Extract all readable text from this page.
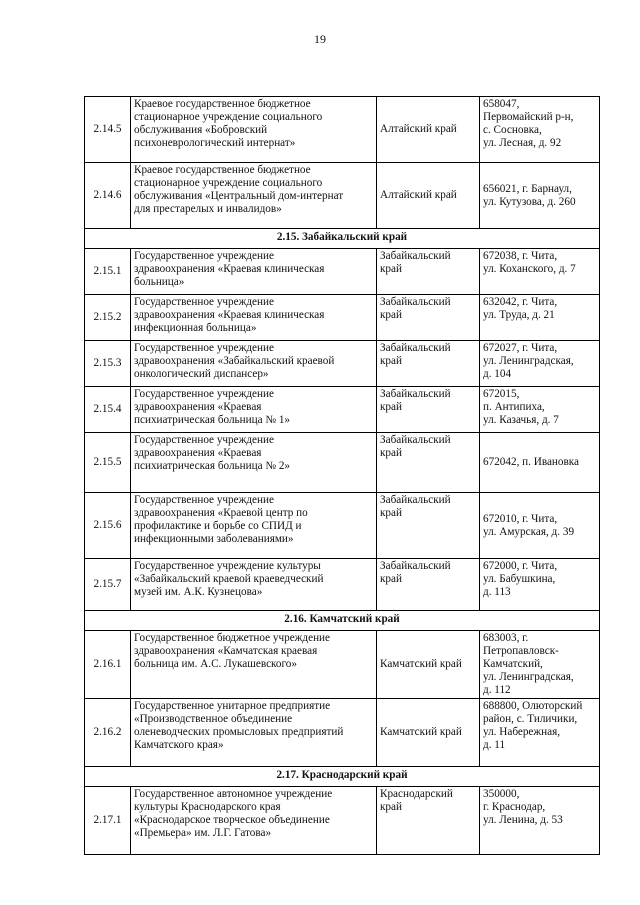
19
2.14.5	Краевое государственное бюджетное
стационарное учреждение социального
обслуживания «Бобровский
психоневрологический интернат»	Алтайский край	658047,
Первомайский р-н,
с. Сосновка,
ул. Лесная, д. 92
2.14.6	Краевое государственное бюджетное
стационарное учреждение социального
обслуживания «Центральный дом-интернат
для престарелых и инвалидов»	Алтайский край	656021, г. Барнаул,
ул. Кутузова, д. 260
2.15. Забайкальский край			
2.15.1	Государственное учреждение
здравоохранения «Краевая клиническая
больница»	Забайкальский
край	672038, г. Чита,
ул. Коханского, д. 7
2.15.2	Государственное учреждение
здравоохранения «Краевая клиническая
инфекционная больница»	Забайкальский
край	632042, г. Чита,
ул. Труда, д. 21
2.15.3	Государственное учреждение
здравоохранения «Забайкальский краевой
онкологический диспансер»	Забайкальский
край	672027, г. Чита,
ул. Ленинградская,
д. 104
2.15.4	Государственное учреждение
здравоохранения «Краевая
психиатрическая больница № 1»	Забайкальский
край	672015,
п. Антипиха,
ул. Казачья, д. 7
2.15.5	Государственное учреждение
здравоохранения «Краевая
психиатрическая больница № 2»	Забайкальский
край	672042, п. Ивановка
2.15.6	Государственное учреждение
здравоохранения «Краевой центр по
профилактике и борьбе со СПИД и
инфекционными заболеваниями»	Забайкальский
край	672010, г. Чита,
ул. Амурская, д. 39
2.15.7	Государственное учреждение культуры
«Забайкальский краевой краеведческий
музей им. А.К. Кузнецова»	Забайкальский
край	672000, г. Чита,
ул. Бабушкина,
д. 113
2.16. Камчатский край			
2.16.1	Государственное бюджетное учреждение
здравоохранения «Камчатская краевая
больница им. А.С. Лукашевского»	Камчатский край	683003, г.
Петропавловск-
Камчатский,
ул. Ленинградская,
д. 112
2.16.2	Государственное унитарное предприятие
«Производственное объединение
оленеводческих промысловых предприятий
Камчатского края»	Камчатский край	688800, Олюторский
район, с. Тиличики,
ул. Набережная,
д. 11
2.17. Краснодарский край			
2.17.1	Государственное автономное учреждение
культуры Краснодарского края
«Краснодарское творческое объединение
«Премьера» им. Л.Г. Гатова»	Краснодарский
край	350000,
г. Краснодар,
ул. Ленина, д. 53
